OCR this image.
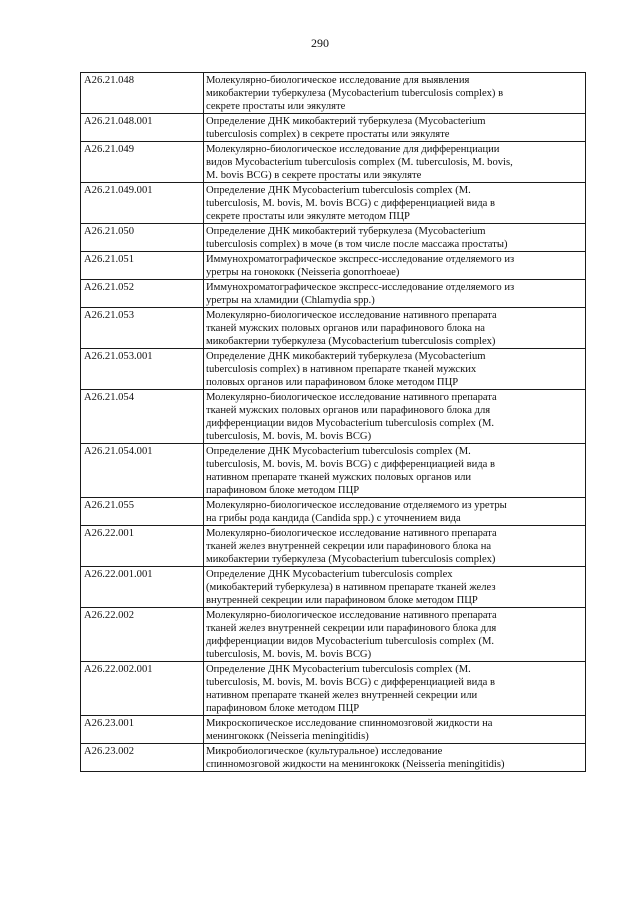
290
А26.21.048	Молекулярно-биологическое исследование для выявления
микобактерии туберкулеза (Mycobacterium tuberculosis complex) в
секрете простаты или эякуляте

А26.21.048.001	Определение ДНК микобактерий туберкулеза (Mycobacterium
tuberculosis complex) в секрете простаты или эякуляте

А26.21.049	Молекулярно-биологическое исследование для дифференциации
видов Mycobacterium tuberculosis complex (M. tuberculosis, M. bovis,
M. bovis BCG) в секрете простаты или эякуляте

А26.21.049.001	Определение ДНК Mycobacterium tuberculosis complex (M.
tuberculosis, M. bovis, M. bovis BCG) с дифференциацией вида в
секрете простаты или эякуляте методом ПЦР

А26.21.050	Определение ДНК микобактерий туберкулеза (Mycobacterium
tuberculosis complex) в моче (в том числе после массажа простаты)

А26.21.051	Иммунохроматографическое экспресс-исследование отделяемого из
уретры на гонококк (Neisseria gonorrhoeae)

А26.21.052	Иммунохроматографическое экспресс-исследование отделяемого из
уретры на хламидии (Chlamydia spp.)

А26.21.053	Молекулярно-биологическое исследование нативного препарата
тканей мужских половых органов или парафинового блока на
микобактерии туберкулеза (Mycobacterium tuberculosis complex)

А26.21.053.001	Определение ДНК микобактерий туберкулеза (Mycobacterium
tuberculosis complex) в нативном препарате тканей мужских
половых органов или парафиновом блоке методом ПЦР

А26.21.054	Молекулярно-биологическое исследование нативного препарата
тканей мужских половых органов или парафинового блока для
дифференциации видов Mycobacterium tuberculosis complex (M.
tuberculosis, M. bovis, M. bovis BCG)

А26.21.054.001	Определение ДНК Mycobacterium tuberculosis complex (M.
tuberculosis, M. bovis, M. bovis BCG) с дифференциацией вида в
нативном препарате тканей мужских половых органов или
парафиновом блоке методом ПЦР

А26.21.055	Молекулярно-биологическое исследование отделяемого из уретры
на грибы рода кандида (Candida spp.) с уточнением вида

А26.22.001	Молекулярно-биологическое исследование нативного препарата
тканей желез внутренней секреции или парафинового блока на
микобактерии туберкулеза (Mycobacterium tuberculosis complex)

А26.22.001.001	Определение ДНК Mycobacterium tuberculosis complex
(микобактерий туберкулеза) в нативном препарате тканей желез
внутренней секреции или парафиновом блоке методом ПЦР

А26.22.002	Молекулярно-биологическое исследование нативного препарата
тканей желез внутренней секреции или парафинового блока для
дифференциации видов Mycobacterium tuberculosis complex (M.
tuberculosis, M. bovis, M. bovis BCG)

А26.22.002.001	Определение ДНК Mycobacterium tuberculosis complex (M.
tuberculosis, M. bovis, M. bovis BCG) с дифференциацией вида в
нативном препарате тканей желез внутренней секреции или
парафиновом блоке методом ПЦР

А26.23.001	Микроскопическое исследование спинномозговой жидкости на
менингококк (Neisseria meningitidis)

А26.23.002	Микробиологическое (культуральное) исследование
спинномозговой жидкости на менингококк (Neisseria meningitidis)
